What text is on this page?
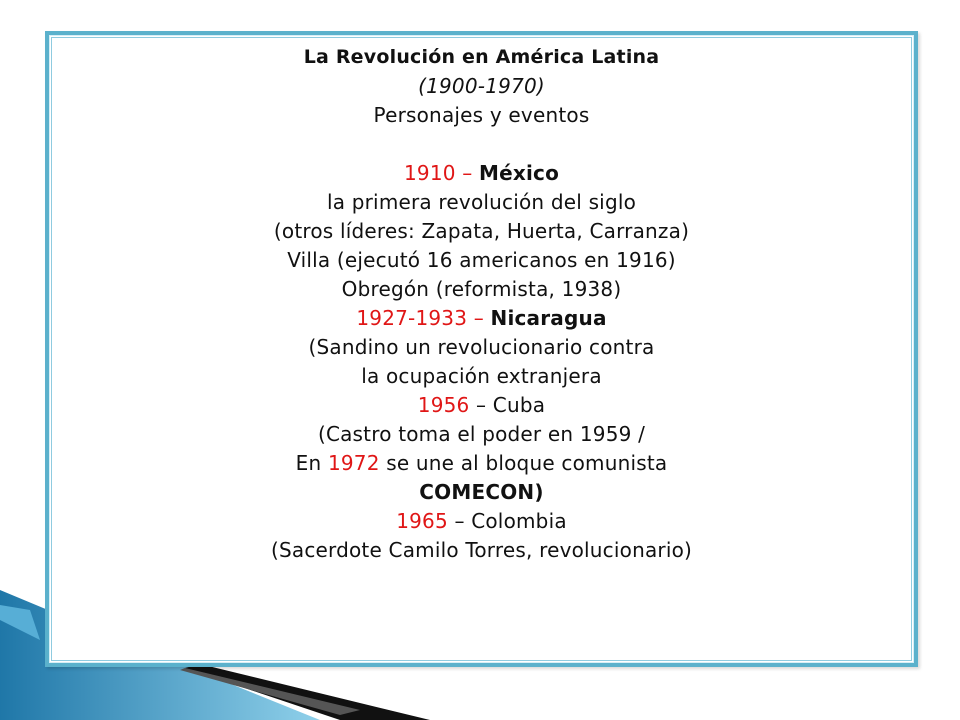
La Revolución en América Latina
(1900-1970)
Personajes y eventos
1910 – México
la primera revolución del siglo
(otros líderes: Zapata, Huerta, Carranza)
Villa (ejecutó 16 americanos en 1916)
Obregón (reformista, 1938)
1927-1933 – Nicaragua
(Sandino un revolucionario contra
la ocupación extranjera
1956 – Cuba
(Castro toma el poder en 1959 /
En 1972 se une al bloque comunista
COMECON)
1965 – Colombia
(Sacerdote Camilo Torres, revolucionario)
